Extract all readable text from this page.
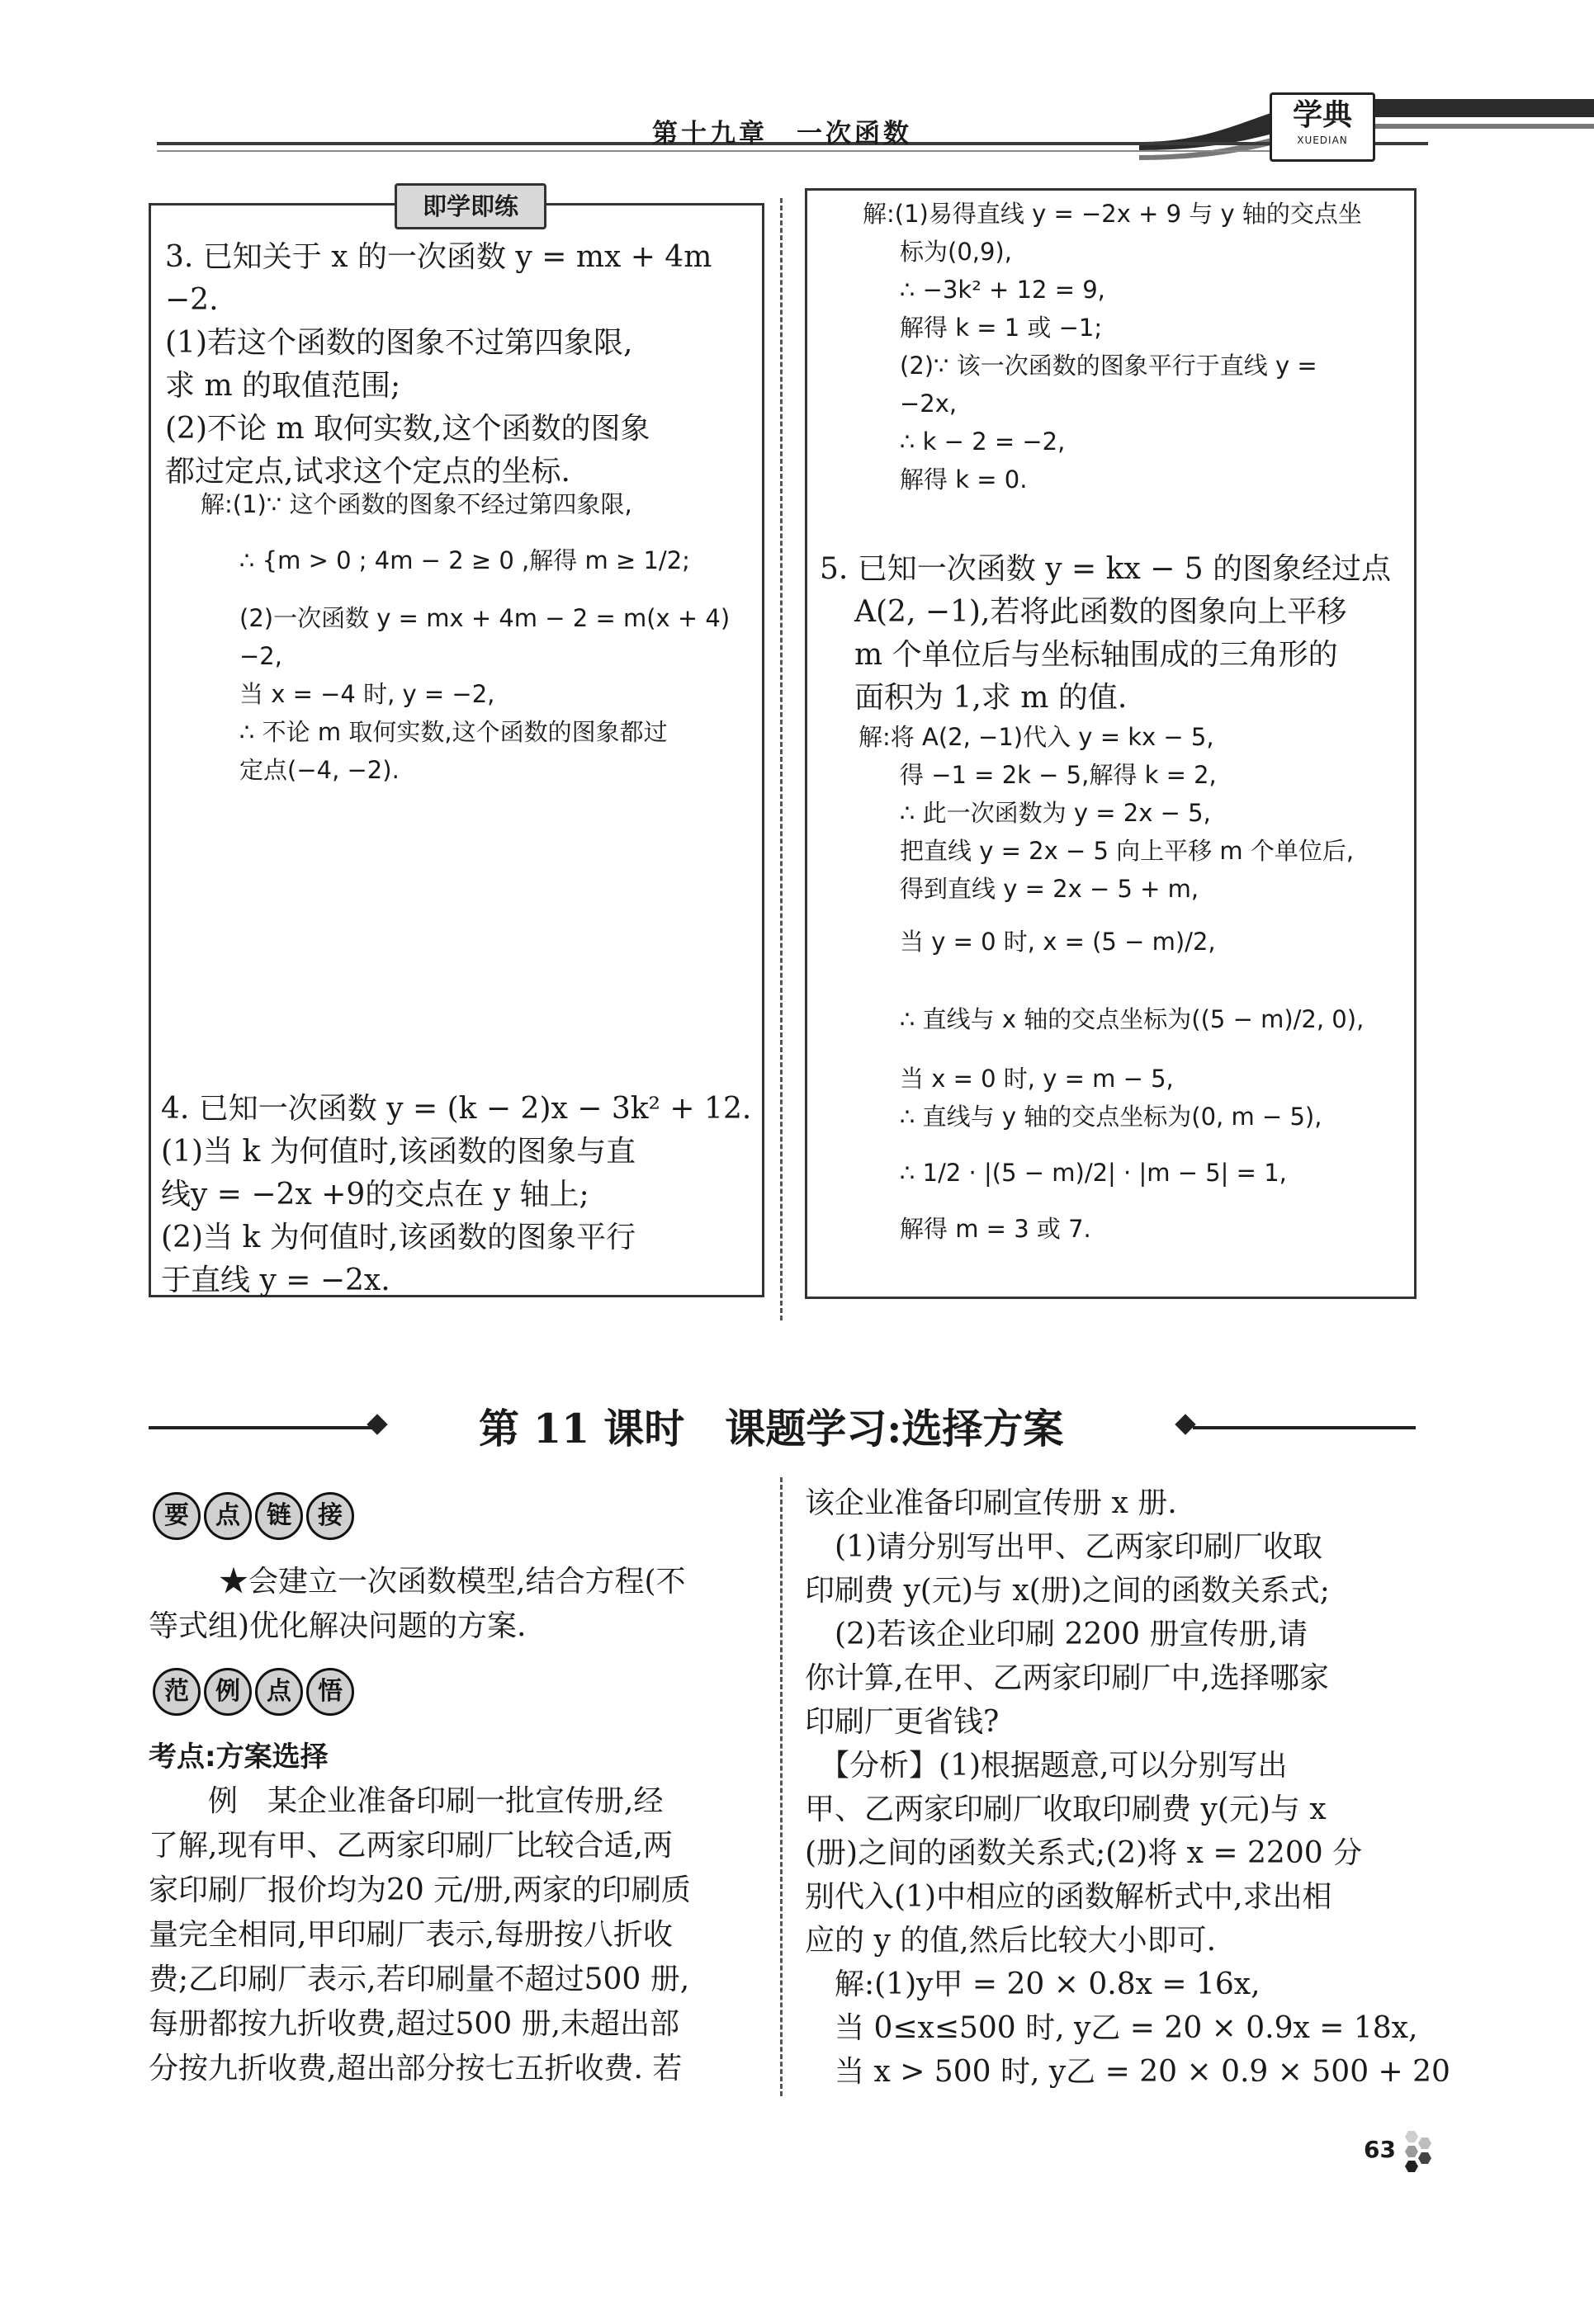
第十九章　一次函数
学典
XUEDIAN
即学即练
3. 已知关于 x 的一次函数 y = mx + 4m
−2.
(1)若这个函数的图象不过第四象限,
求 m 的取值范围;
(2)不论 m 取何实数,这个函数的图象
都过定点,试求这个定点的坐标.
解:(1)∵ 这个函数的图象不经过第四象限,
∴ {m > 0 ; 4m − 2 ≥ 0 ,解得 m ≥ 1/2;
(2)一次函数 y = mx + 4m − 2 = m(x + 4)
−2,
当 x = −4 时, y = −2,
∴ 不论 m 取何实数,这个函数的图象都过
定点(−4, −2).
4. 已知一次函数 y = (k − 2)x − 3k² + 12.
(1)当 k 为何值时,该函数的图象与直
线y = −2x +9的交点在 y 轴上;
(2)当 k 为何值时,该函数的图象平行
于直线 y = −2x.
解:(1)易得直线 y = −2x + 9 与 y 轴的交点坐
标为(0,9),
∴ −3k² + 12 = 9,
解得 k = 1 或 −1;
(2)∵ 该一次函数的图象平行于直线 y =
−2x,
∴ k − 2 = −2,
解得 k = 0.
5. 已知一次函数 y = kx − 5 的图象经过点
A(2, −1),若将此函数的图象向上平移
m 个单位后与坐标轴围成的三角形的
面积为 1,求 m 的值.
解:将 A(2, −1)代入 y = kx − 5,
得 −1 = 2k − 5,解得 k = 2,
∴ 此一次函数为 y = 2x − 5,
把直线 y = 2x − 5 向上平移 m 个单位后,
得到直线 y = 2x − 5 + m,
当 y = 0 时, x = (5 − m)/2,
∴ 直线与 x 轴的交点坐标为((5 − m)/2, 0),
当 x = 0 时, y = m − 5,
∴ 直线与 y 轴的交点坐标为(0, m − 5),
∴ 1/2 · |(5 − m)/2| · |m − 5| = 1,
解得 m = 3 或 7.
第 11 课时　课题学习:选择方案
要 点 链 接
★会建立一次函数模型,结合方程(不
等式组)优化解决问题的方案.
范 例 点 悟
考点:方案选择
　　例　某企业准备印刷一批宣传册,经
了解,现有甲、乙两家印刷厂比较合适,两
家印刷厂报价均为20 元/册,两家的印刷质
量完全相同,甲印刷厂表示,每册按八折收
费;乙印刷厂表示,若印刷量不超过500 册,
每册都按九折收费,超过500 册,未超出部
分按九折收费,超出部分按七五折收费. 若
该企业准备印刷宣传册 x 册.
　(1)请分别写出甲、乙两家印刷厂收取
印刷费 y(元)与 x(册)之间的函数关系式;
　(2)若该企业印刷 2200 册宣传册,请
你计算,在甲、乙两家印刷厂中,选择哪家
印刷厂更省钱?
　【分析】(1)根据题意,可以分别写出
甲、乙两家印刷厂收取印刷费 y(元)与 x
(册)之间的函数关系式;(2)将 x = 2200 分
别代入(1)中相应的函数解析式中,求出相
应的 y 的值,然后比较大小即可.
　解:(1)y甲 = 20 × 0.8x = 16x,
　当 0≤x≤500 时, y乙 = 20 × 0.9x = 18x,
　当 x > 500 时, y乙 = 20 × 0.9 × 500 + 20
63
